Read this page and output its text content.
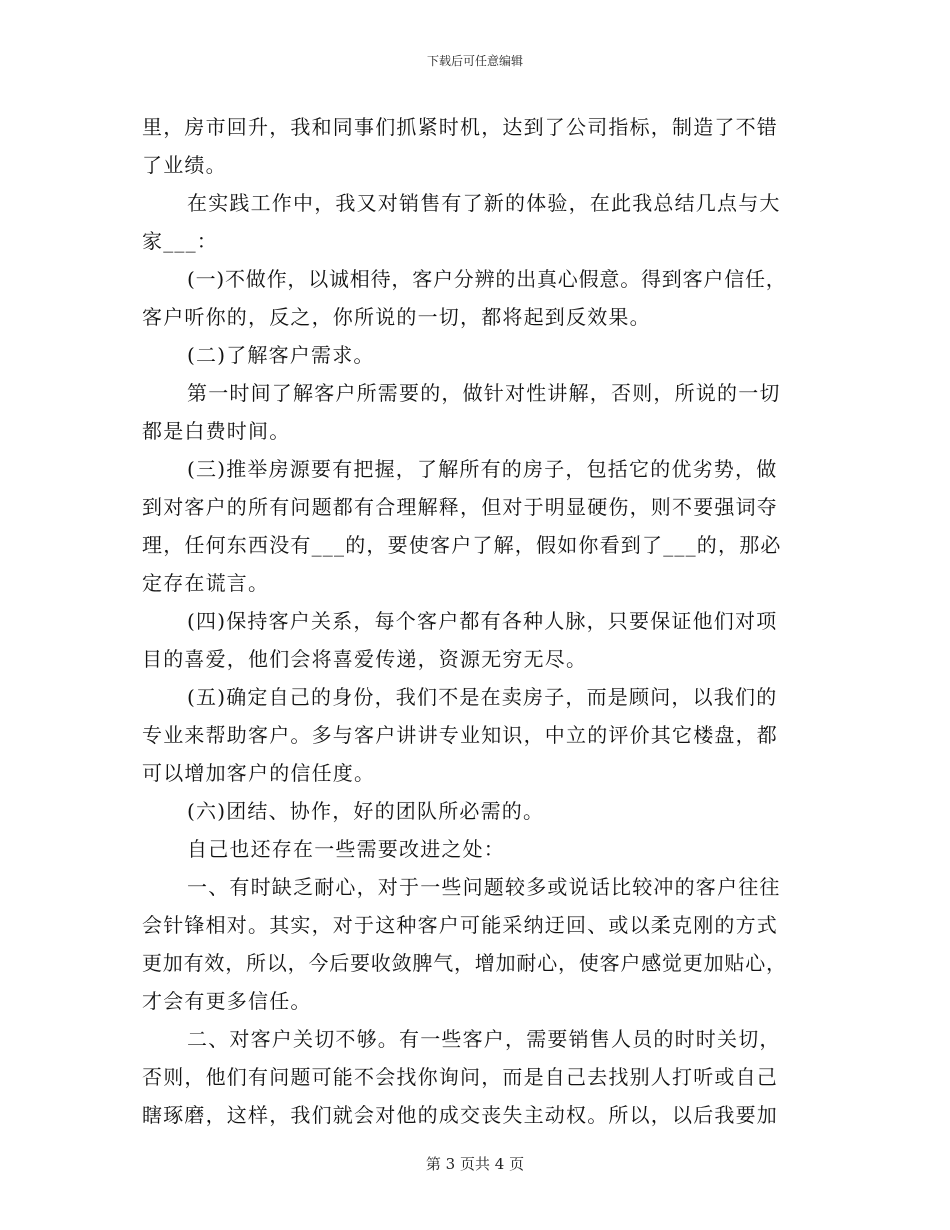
下载后可任意编辑
里，房市回升，我和同事们抓紧时机，达到了公司指标，制造了不错
了业绩。
在实践工作中，我又对销售有了新的体验，在此我总结几点与大
家___：
(一)不做作，以诚相待，客户分辨的出真心假意。得到客户信任，
客户听你的，反之，你所说的一切，都将起到反效果。
(二)了解客户需求。
第一时间了解客户所需要的，做针对性讲解，否则，所说的一切
都是白费时间。
(三)推举房源要有把握，了解所有的房子，包括它的优劣势，做
到对客户的所有问题都有合理解释，但对于明显硬伤，则不要强词夺
理，任何东西没有___的，要使客户了解，假如你看到了___的，那必
定存在谎言。
(四)保持客户关系，每个客户都有各种人脉，只要保证他们对项
目的喜爱，他们会将喜爱传递，资源无穷无尽。
(五)确定自己的身份，我们不是在卖房子，而是顾问，以我们的
专业来帮助客户。多与客户讲讲专业知识，中立的评价其它楼盘，都
可以增加客户的信任度。
(六)团结、协作，好的团队所必需的。
自己也还存在一些需要改进之处：
一、有时缺乏耐心，对于一些问题较多或说话比较冲的客户往往
会针锋相对。其实，对于这种客户可能采纳迂回、或以柔克刚的方式
更加有效，所以，今后要收敛脾气，增加耐心，使客户感觉更加贴心，
才会有更多信任。
二、对客户关切不够。有一些客户，需要销售人员的时时关切，
否则，他们有问题可能不会找你询问，而是自己去找别人打听或自己
瞎琢磨，这样，我们就会对他的成交丧失主动权。所以，以后我要加
第 3 页共 4 页
